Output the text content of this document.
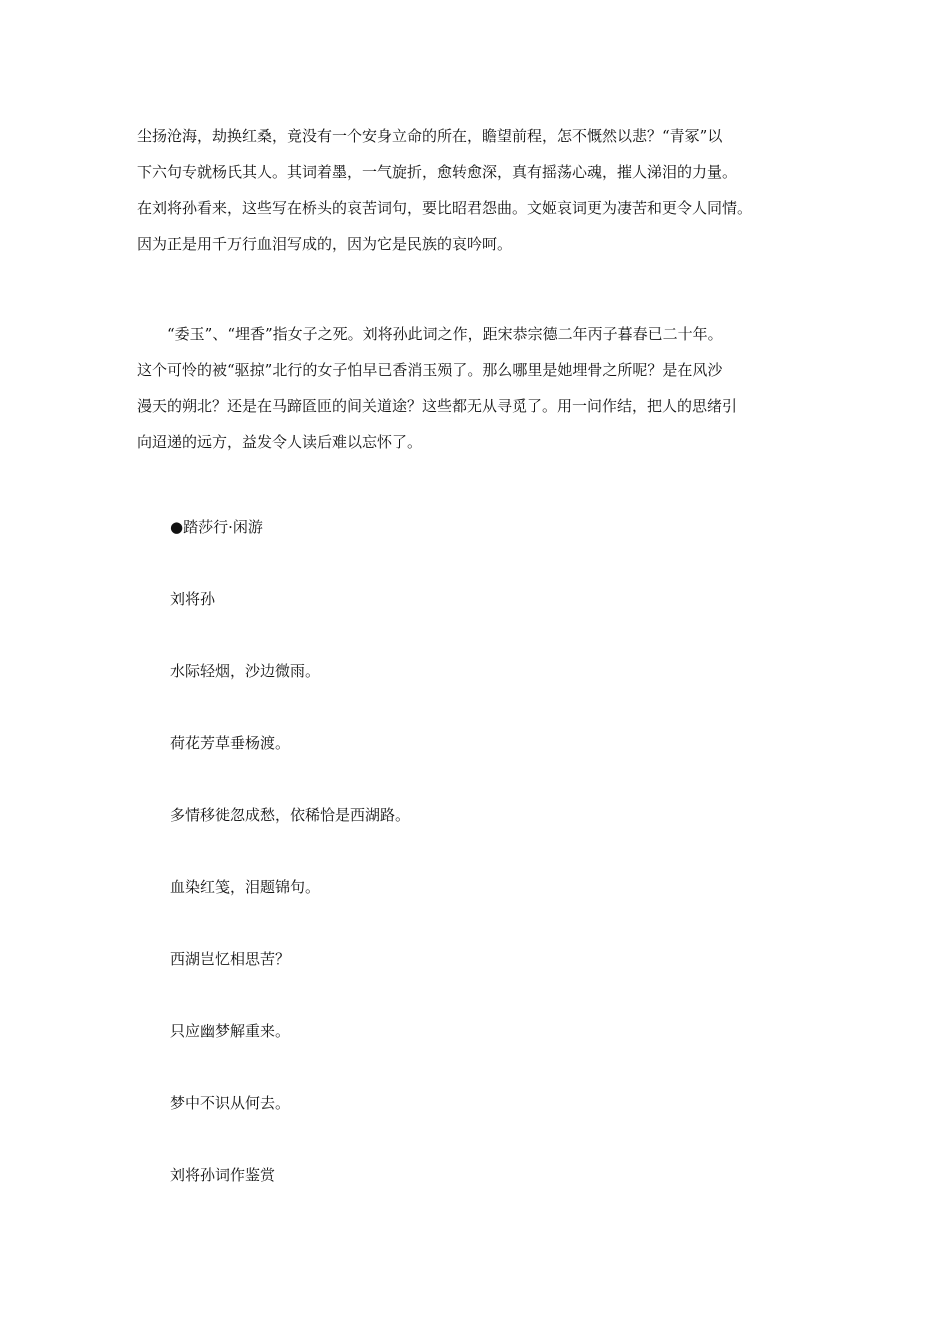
尘扬沧海，劫换红桑，竟没有一个安身立命的所在，瞻望前程，怎不慨然以悲？“青冢”以
下六句专就杨氏其人。其词着墨，一气旋折，愈转愈深，真有摇荡心魂，摧人涕泪的力量。
在刘将孙看来，这些写在桥头的哀苦词句，要比昭君怨曲。文姬哀词更为凄苦和更令人同情。
因为正是用千万行血泪写成的，因为它是民族的哀吟呵。
　　“委玉”、“埋香”指女子之死。刘将孙此词之作，距宋恭宗德二年丙子暮春已二十年。
这个可怜的被“驱掠”北行的女子怕早已香消玉殒了。那么哪里是她埋骨之所呢？是在风沙
漫天的朔北？还是在马蹄匼匝的间关道途？这些都无从寻觅了。用一问作结，把人的思绪引
向迢递的远方，益发令人读后难以忘怀了。

●踏莎行·闲游

刘将孙

水际轻烟，沙边微雨。

荷花芳草垂杨渡。

多情移徙忽成愁，依稀恰是西湖路。

血染红笺，泪题锦句。

西湖岂忆相思苦？

只应幽梦解重来。

梦中不识从何去。

刘将孙词作鉴赏
